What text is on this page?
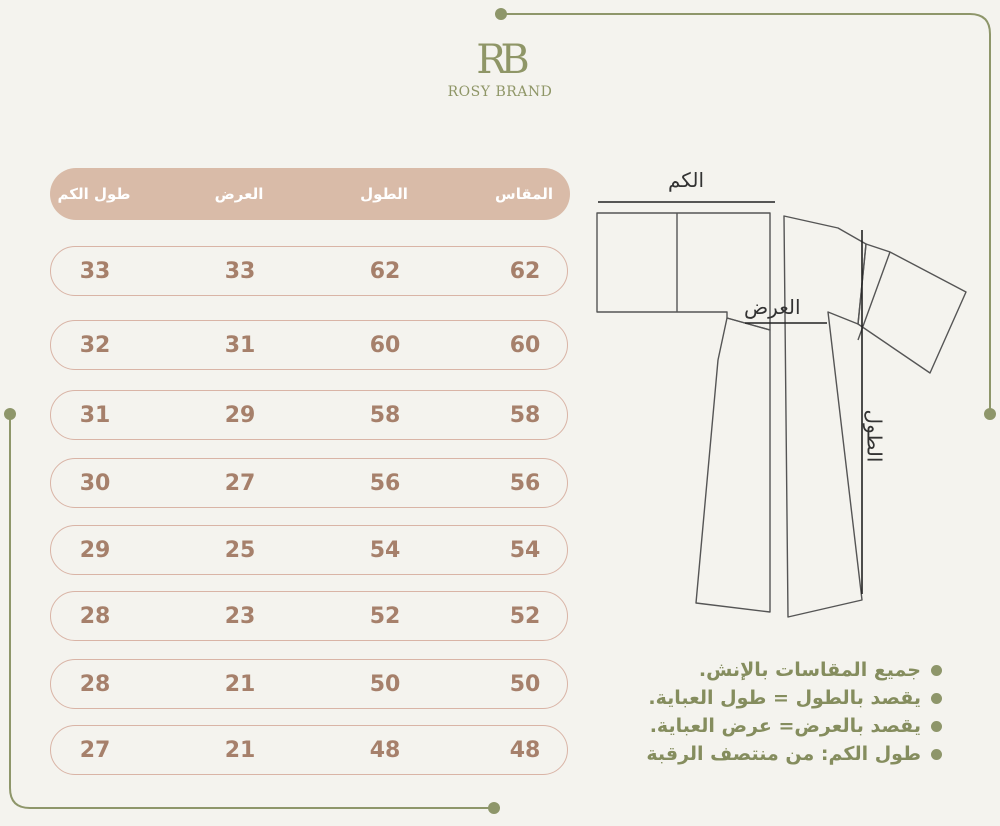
RB
ROSY BRAND
المقاس
الطول
العرض
طول الكم
62
62
33
33
60
60
31
32
58
58
29
31
56
56
27
30
54
54
25
29
52
52
23
28
50
50
21
28
48
48
21
27
الكم
العرض
الطول
جميع المقاسات بالإنش.
يقصد بالطول = طول العباية.
يقصد بالعرض= عرض العباية.
طول الكم: من منتصف الرقبة
